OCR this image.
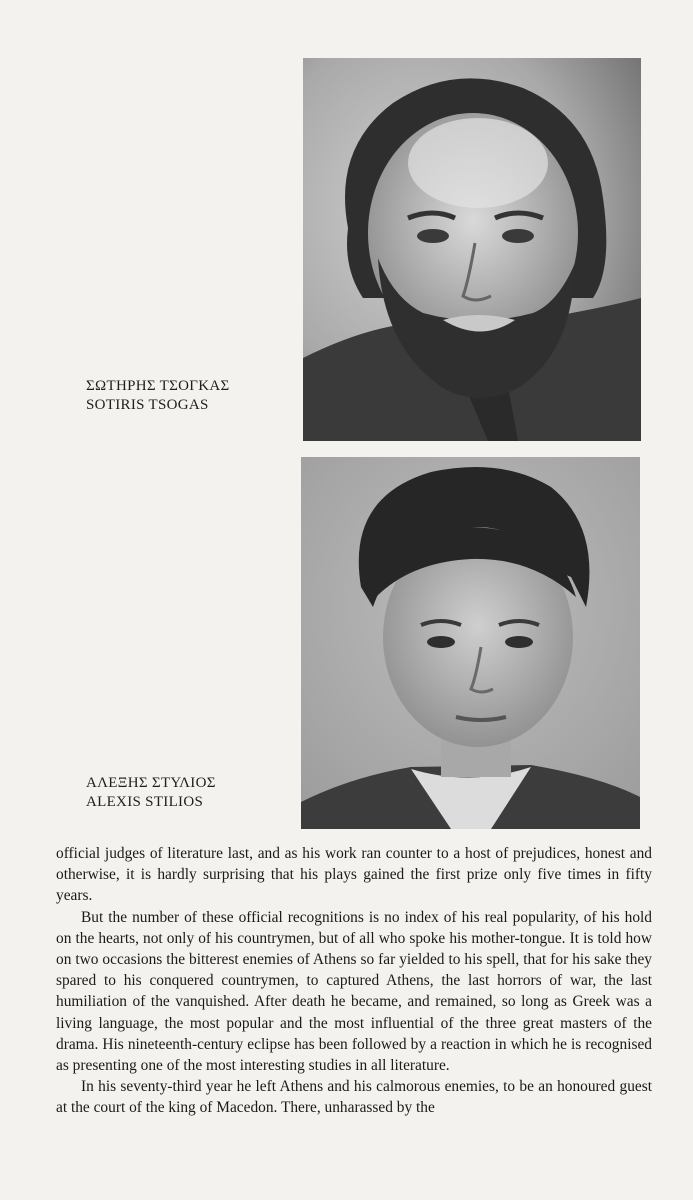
ΣΩΤΗΡΗΣ ΤΣΟΓΚΑΣ
SOTIRIS TSOGAS
ΑΛΕΞΗΣ ΣΤΥΛΙΟΣ
ALEXIS STILIOS

official judges of literature last, and as his work ran counter to a host of prejudices, honest and otherwise, it is hardly surprising that his plays gained the first prize only five times in fifty years.

But the number of these official recognitions is no index of his real popularity, of his hold on the hearts, not only of his countrymen, but of all who spoke his mother-tongue. It is told how on two occasions the bitterest enemies of Athens so far yielded to his spell, that for his sake they spared to his conquered countrymen, to captured Athens, the last horrors of war, the last humiliation of the vanquished. After death he became, and remained, so long as Greek was a living language, the most popular and the most influential of the three great masters of the drama. His nineteenth-century eclipse has been followed by a reaction in which he is recognised as presenting one of the most interesting studies in all literature.

In his seventy-third year he left Athens and his calmorous enemies, to be an honoured guest at the court of the king of Macedon. There, unharassed by the
